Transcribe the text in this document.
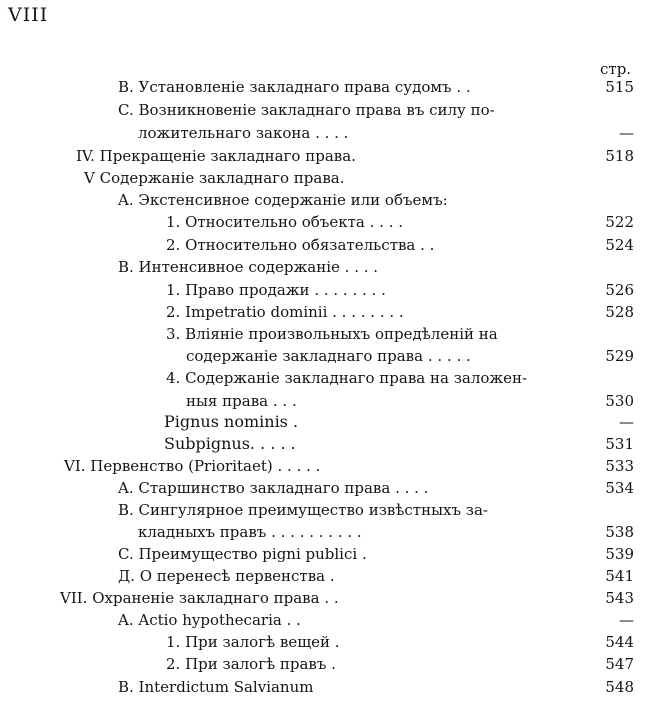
VIII
стр.
B. Установленіе закладнаго права судомъ . .	515
C. Возникновеніе закладнаго права въ силу по-
ложительнаго закона . . . .	—
IV. Прекращеніе закладнаго права.	518
V Содержаніе закладнаго права.
A. Экстенсивное содержаніе или объемъ:
1. Относительно объекта . . . .	522
2. Относительно обязательства . .	524
B. Интенсивное содержаніе . . . .
1. Право продажи . . . . . . . .	526
2. Impetratio dominii . . . . . . . .	528
3. Вліяніе произвольныхъ опредѣленій на
содержаніе закладнаго права . . . . .	529
4. Содержаніе закладнаго права на заложен-
ныя права . . .	530
Pignus nominis .	—
Subpignus. . . . .	531
VI. Первенство (Prioritaet) . . . . .	533
A. Старшинство закладнаго права . . . .	534
B. Сингулярное преимущество извѣстныхъ за-
кладныхъ правъ . . . . . . . . . .	538
C. Преимущество pigni publici .	539
Д. О перенесѣ первенства .	541
VII. Охраненіе закладнаго права . .	543
A. Actio hypothecaria . .	—
1. При залогѣ вещей .	544
2. При залогѣ правъ .	547
B. Interdictum Salvianum	548
